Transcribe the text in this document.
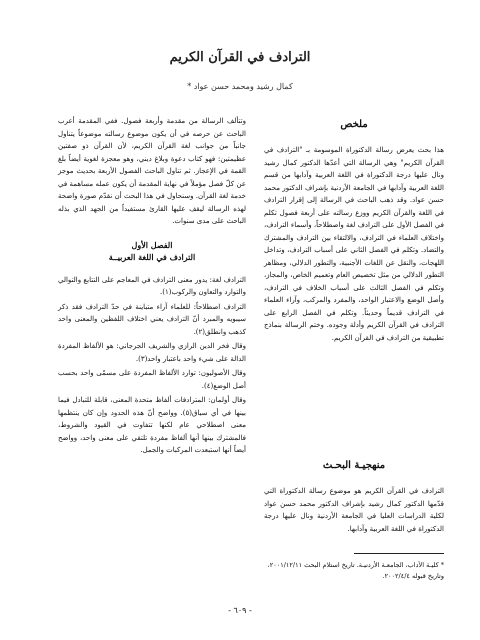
الترادف في القرآن الكريم
كمال رشيد ومحمد حسن عواد *
ملخص

هذا بحث يعرض رسالة الدكتوراة الموسومة بـ "الترادف في القرآن الكريم" وهي الرسالة التي أعدّها الدكتور كمال رشيد ونال عليها درجة الدكتوراة في اللغة العربية وآدابها من قسم اللغة العربية وآدابها في الجامعة الأردنية بإشراف الدكتور محمد حسن عواد. وقد ذهب الباحث في الرسالة إلى إقرار الترادف في اللغة والقرآن الكريم ووزع رسالته على أربعة فصول تكلم في الفصل الأول على الترادف لغة واصطلاحاً، وأسماء الترادف، واختلاف العلماء في الترادف، والالتقاء بين الترادف والمشترك والتضاد. وتكلم في الفصل الثاني على أسباب الترادف، وتداخل اللهجات، والنقل عن اللغات الأجنبية، والتطور الدلالي، ومظاهر التطور الدلالي من مثل تخصيص العام وتعميم الخاص، والمجاز، وتكلم في الفصل الثالث على أسباب الخلاف في الترادف، وأصل الوضع والاعتبار الواحد، والمفرد والمركب، وآراء العلماء في الترادف قديماً وحديثاً. وتكلم في الفصل الرابع على الترادف في القرآن الكريم وأدلة وجوده. وختم الرسالة بنماذج تطبيقية من الترادف في القرآن الكريم.

منهجيـة البحـث

الترادف في القرآن الكريم هو موضوع رسالة الدكتوراة التي قدّمها الدكتور كمال رشيد بإشراف الدكتور محمد حسن عواد لكلية الدراسات العليا في الجامعة الأردنية ونال عليها درجة الدكتوراة في اللغة العربية وآدابها.

* كليـة الآداب، الجامعـة الأردنيـة. تاريخ استلام البحث ٢٠٠١/١٢/١١، وتاريخ قبوله ٢٠٠٢/٤/٤.

وتتألف الرسالة من مقدمة وأربعة فصول. ففي المقدمة أعرب الباحث عن حرصه في أن يكون موضوع رسالته موضوعاً يتناول جانباً من جوانب لغة القرآن الكريم، لأن القرآن ذو صفتين عظيمتين: فهو كتاب دعوة وبلاغ ديني، وهو معجزة لغوية أيضاً بلغ القمة في الإعجاز. ثم تناول الباحث الفصول الأربعة بحديث موجز عن كلّ فصل مؤملاً في نهاية المقدمة أن يكون عمله مساهمة في خدمة لغة القرآن. وسنحاول في هذا البحث أن نقدّم صورة واضحة لهذه الرسالة ليقف عليها القارئ مستفيداً من الجهد الذي بذله الباحث على مدى سنوات.

الفصل الأول
الترادف في اللغة العربيــة

الترادف لغة: يدور معنى الترادف في المعاجم على التتابع والتوالي والتوارد والتعاون والركوب(١).

الترادف اصطلاحاً: للعلماء آراء متباينة في حدّ الترادف فقد ذكر سيبويه والمبرد أنّ الترادف يعني اختلاف اللفظين والمعنى واحد كذهب وانطلق(٢).

وقال فخر الدين الرازي والشريف الجرجاني: هو الألفاظ المفردة الدالة على شيء واحد باعتبار واحد(٣).

وقال الأصوليون: توارد الألفاظ المفردة على مسمّى واحد بحسب أصل الوضع(٤).

وقال أولمان: المترادفات ألفاظ متحدة المعنى، قابلة للتبادل فيما بينها في أي سياق(٥). وواضح أنّ هذه الحدود وإن كان ينتظمها معنى اصطلاحي عام لكنها تتفاوت في القيود والشروط، فالمشترك بينها أنها ألفاظ مفردة تلتقي على معنى واحد، وواضح أيضاً أنها استبعدت المركبات والجمل.

- ٦٠٩ -
